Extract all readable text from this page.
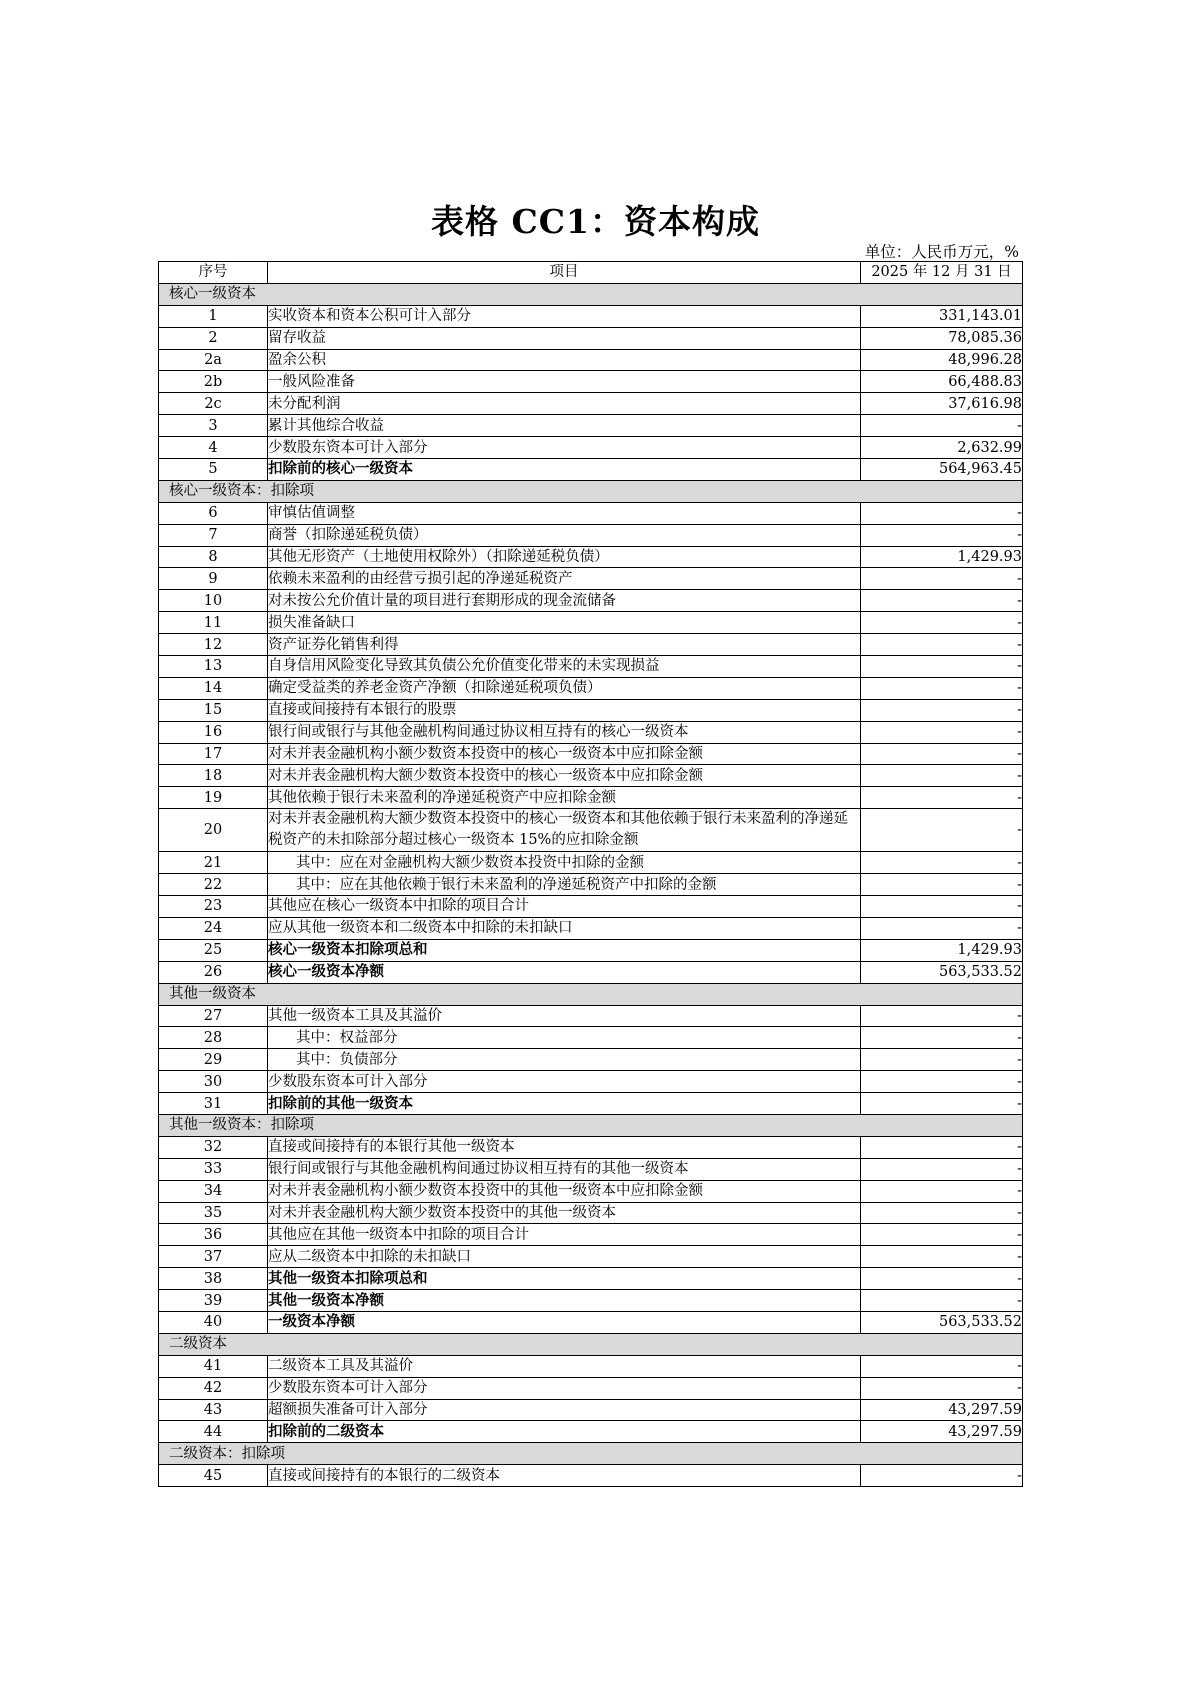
表格 CC1：资本构成
单位：人民币万元，%
序号	项目	2025 年 12 月 31 日
核心一级资本		
1	实收资本和资本公积可计入部分	331,143.01
2	留存收益	78,085.36
2a	盈余公积	48,996.28
2b	一般风险准备	66,488.83
2c	未分配利润	37,616.98
3	累计其他综合收益	-
4	少数股东资本可计入部分	2,632.99
5	扣除前的核心一级资本	564,963.45
核心一级资本：扣除项		
6	审慎估值调整	-
7	商誉（扣除递延税负债）	-
8	其他无形资产（土地使用权除外）（扣除递延税负债）	1,429.93
9	依赖未来盈利的由经营亏损引起的净递延税资产	-
10	对未按公允价值计量的项目进行套期形成的现金流储备	-
11	损失准备缺口	-
12	资产证券化销售利得	-
13	自身信用风险变化导致其负债公允价值变化带来的未实现损益	-
14	确定受益类的养老金资产净额（扣除递延税项负债）	-
15	直接或间接持有本银行的股票	-
16	银行间或银行与其他金融机构间通过协议相互持有的核心一级资本	-
17	对未并表金融机构小额少数资本投资中的核心一级资本中应扣除金额	-
18	对未并表金融机构大额少数资本投资中的核心一级资本中应扣除金额	-
19	其他依赖于银行未来盈利的净递延税资产中应扣除金额	-
20	对未并表金融机构大额少数资本投资中的核心一级资本和其他依赖于银行未来盈利的净递延税资产的未扣除部分超过核心一级资本 15%的应扣除金额	-
21	其中：应在对金融机构大额少数资本投资中扣除的金额	-
22	其中：应在其他依赖于银行未来盈利的净递延税资产中扣除的金额	-
23	其他应在核心一级资本中扣除的项目合计	-
24	应从其他一级资本和二级资本中扣除的未扣缺口	-
25	核心一级资本扣除项总和	1,429.93
26	核心一级资本净额	563,533.52
其他一级资本		
27	其他一级资本工具及其溢价	-
28	其中：权益部分	-
29	其中：负债部分	-
30	少数股东资本可计入部分	-
31	扣除前的其他一级资本	-
其他一级资本：扣除项		
32	直接或间接持有的本银行其他一级资本	-
33	银行间或银行与其他金融机构间通过协议相互持有的其他一级资本	-
34	对未并表金融机构小额少数资本投资中的其他一级资本中应扣除金额	-
35	对未并表金融机构大额少数资本投资中的其他一级资本	-
36	其他应在其他一级资本中扣除的项目合计	-
37	应从二级资本中扣除的未扣缺口	-
38	其他一级资本扣除项总和	-
39	其他一级资本净额	-
40	一级资本净额	563,533.52
二级资本		
41	二级资本工具及其溢价	-
42	少数股东资本可计入部分	-
43	超额损失准备可计入部分	43,297.59
44	扣除前的二级资本	43,297.59
二级资本：扣除项		
45	直接或间接持有的本银行的二级资本	-
